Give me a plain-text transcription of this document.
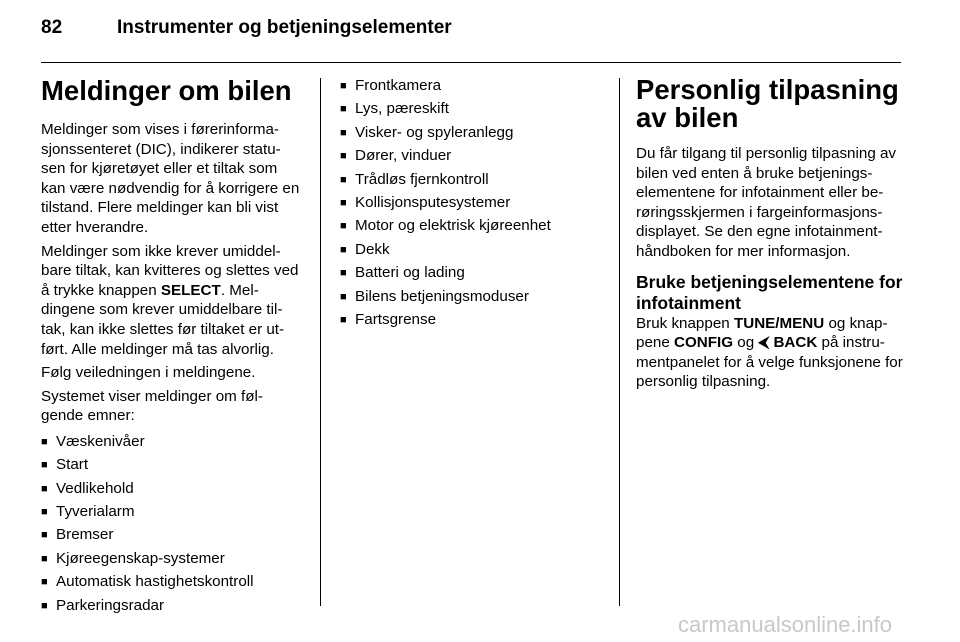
82	Instrumenter og betjeningselementer
Meldinger om bilen

Meldinger som vises i førerinforma-sjonssenteret (DIC), indikerer statu-sen for kjøretøyet eller et tiltak som kan være nødvendig for å korrigere en tilstand. Flere meldinger kan bli vist etter hverandre.

Meldinger som ikke krever umiddel-bare tiltak, kan kvitteres og slettes ved å trykke knappen SELECT. Mel-dingene som krever umiddelbare til-tak, kan ikke slettes før tiltaket er ut-ført. Alle meldinger må tas alvorlig.

Følg veiledningen i meldingene.

Systemet viser meldinger om føl-gende emner:

■ Væskenivåer
■ Start
■ Vedlikehold
■ Tyverialarm
■ Bremser
■ Kjøreegenskap-systemer
■ Automatisk hastighetskontroll
■ Parkeringsradar
■ Frontkamera
■ Lys, pæreskift
■ Visker- og spyleranlegg
■ Dører, vinduer
■ Trådløs fjernkontroll
■ Kollisjonsputesystemer
■ Motor og elektrisk kjøreenhet
■ Dekk
■ Batteri og lading
■ Bilens betjeningsmoduser
■ Fartsgrense
Personlig tilpasning av bilen

Du får tilgang til personlig tilpasning av bilen ved enten å bruke betjenings-elementene for infotainment eller be-røringsskjermen i fargeinformasjons-displayet. Se den egne infotainment-håndboken for mer informasjon.

Bruke betjeningselementene for infotainment

Bruk knappen TUNE/MENU og knap-pene CONFIG og ⮜ BACK på instru-mentpanelet for å velge funksjonene for personlig tilpasning.

carmanualsonline.info
